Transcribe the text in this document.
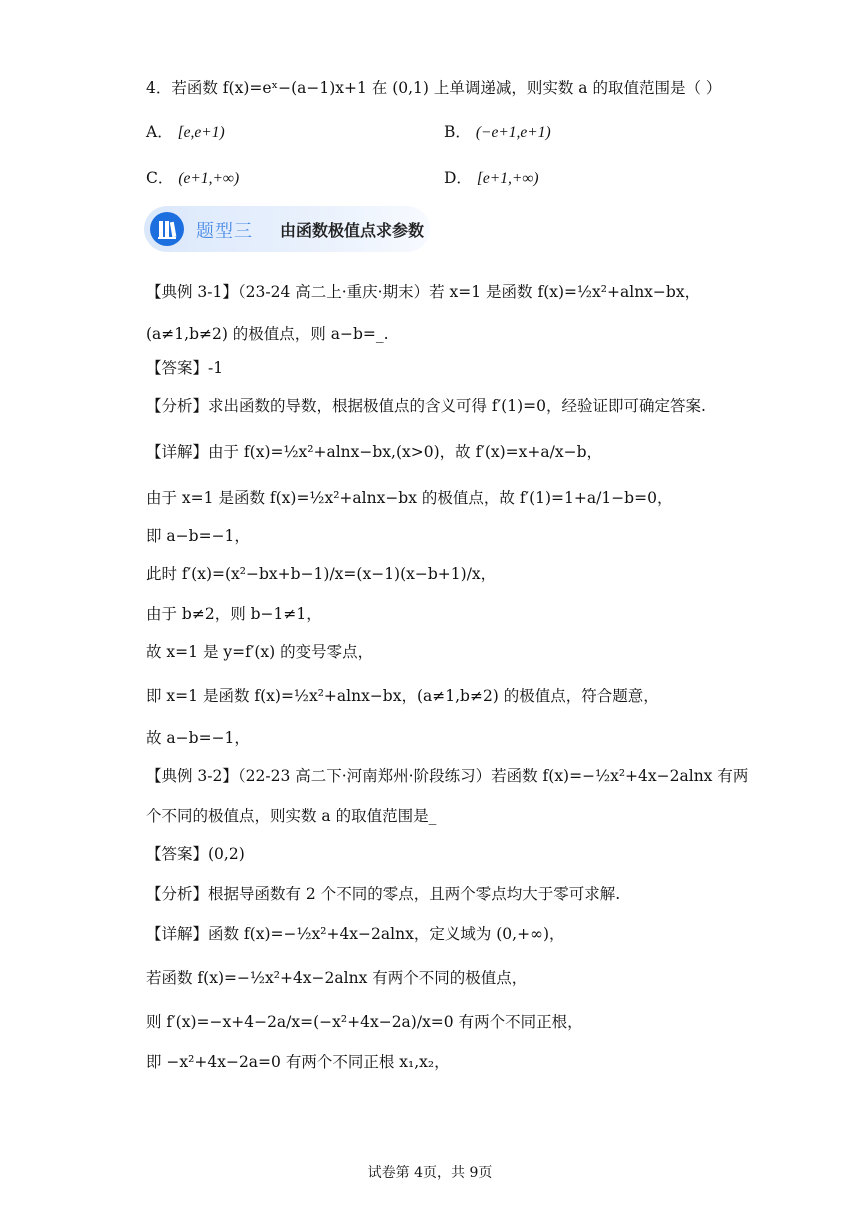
4．若函数 f(x)=eˣ−(a−1)x+1 在 (0,1) 上单调递减，则实数 a 的取值范围是（ ）
A． [e,e+1)	B． (−e+1,e+1)
C． (e+1,+∞)	D． [e+1,+∞)
题型三 由函数极值点求参数
【典例 3-1】（23-24 高二上·重庆·期末）若 x=1 是函数 f(x)=½x²+alnx−bx，
(a≠1,b≠2) 的极值点，则 a−b=_.
【答案】-1
【分析】求出函数的导数，根据极值点的含义可得 f′(1)=0，经验证即可确定答案.
【详解】由于 f(x)=½x²+alnx−bx,(x>0)，故 f′(x)=x+a/x−b，
由于 x=1 是函数 f(x)=½x²+alnx−bx 的极值点，故 f′(1)=1+a/1−b=0，
即 a−b=−1，
此时 f′(x)=(x²−bx+b−1)/x=(x−1)(x−b+1)/x，
由于 b≠2，则 b−1≠1，
故 x=1 是 y=f′(x) 的变号零点，
即 x=1 是函数 f(x)=½x²+alnx−bx，(a≠1,b≠2) 的极值点，符合题意，
故 a−b=−1，
【典例 3-2】（22-23 高二下·河南郑州·阶段练习）若函数 f(x)=−½x²+4x−2alnx 有两
个不同的极值点，则实数 a 的取值范围是_
【答案】(0,2)
【分析】根据导函数有 2 个不同的零点，且两个零点均大于零可求解.
【详解】函数 f(x)=−½x²+4x−2alnx，定义域为 (0,+∞)，
若函数 f(x)=−½x²+4x−2alnx 有两个不同的极值点，
则 f′(x)=−x+4−2a/x=(−x²+4x−2a)/x=0 有两个不同正根，
即 −x²+4x−2a=0 有两个不同正根 x₁,x₂，
试卷第 4页，共 9页
